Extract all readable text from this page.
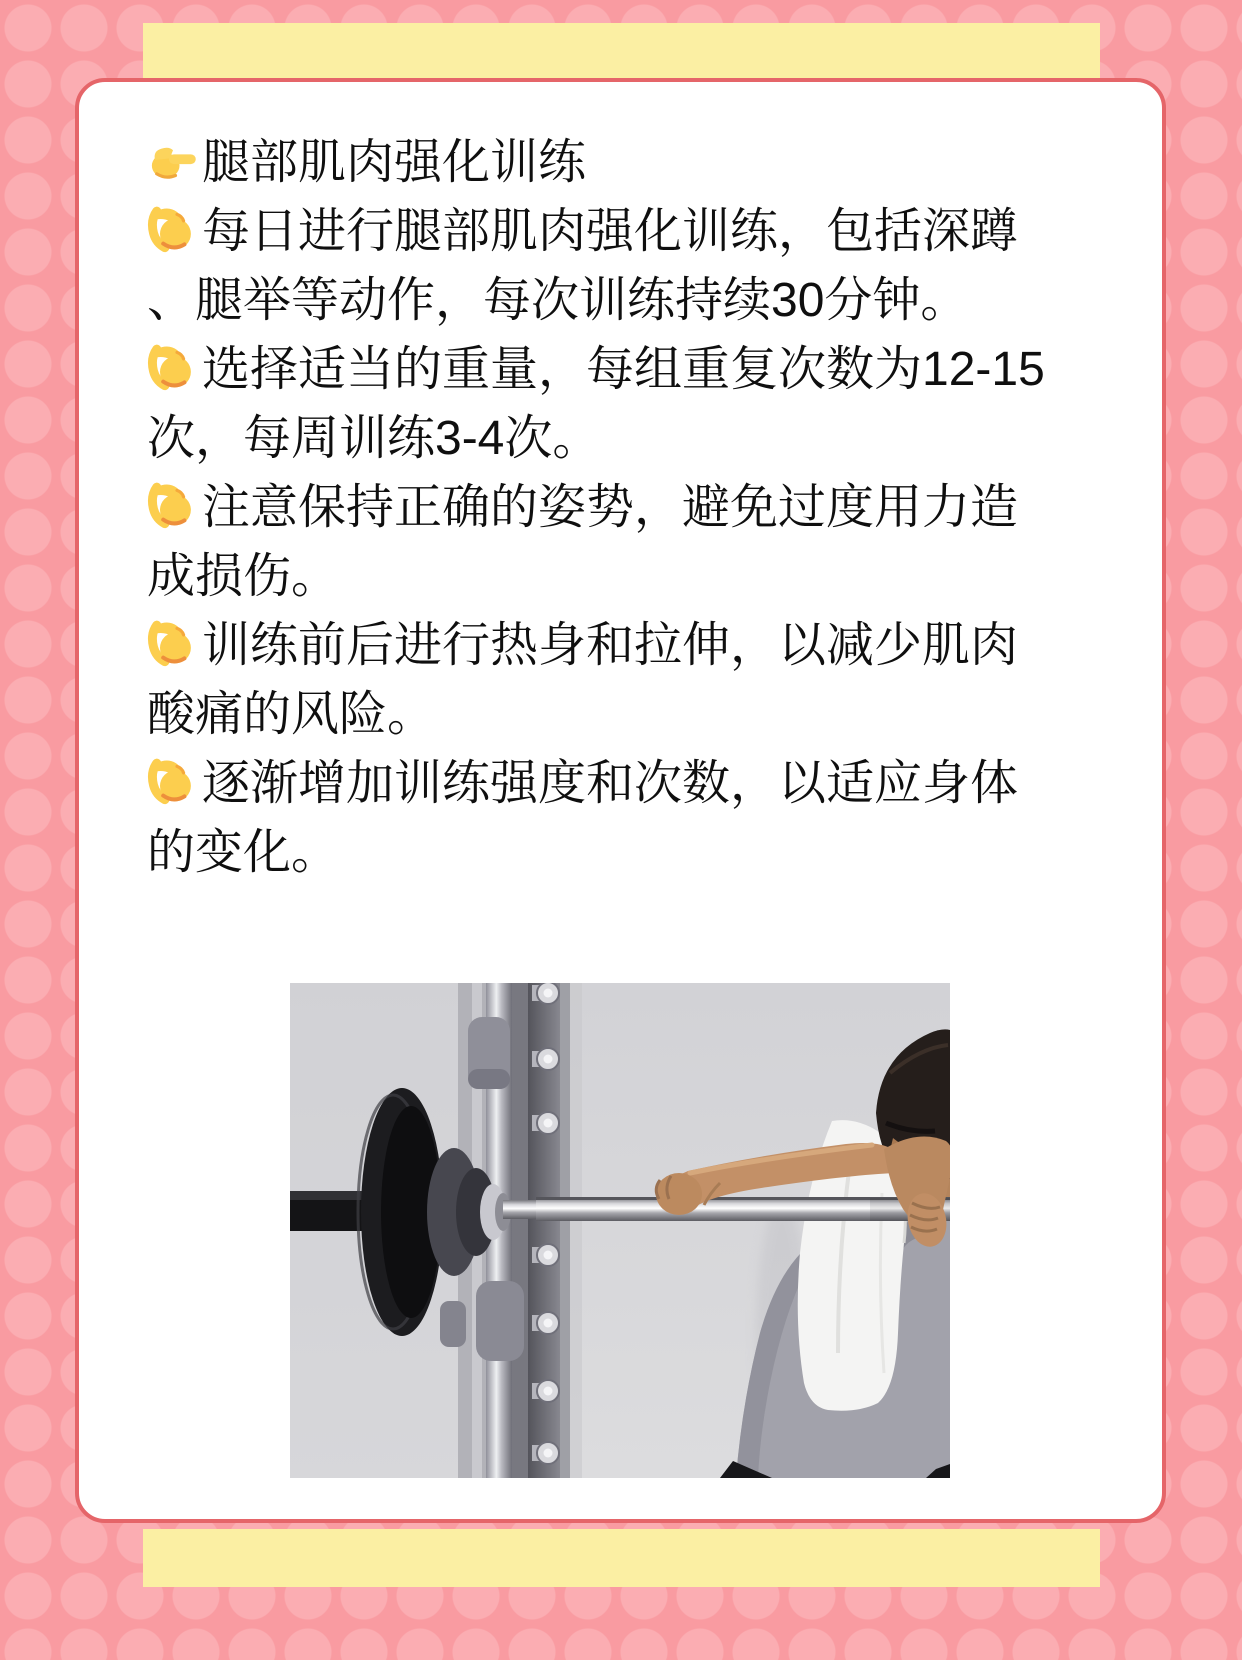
腿部肌肉强化训练

每日进行腿部肌肉强化训练，包括深蹲、腿举等动作，每次训练持续30分钟。

选择适当的重量，每组重复次数为12-15次，每周训练3-4次。

注意保持正确的姿势，避免过度用力造成损伤。

训练前后进行热身和拉伸，以减少肌肉酸痛的风险。

逐渐增加训练强度和次数，以适应身体的变化。
